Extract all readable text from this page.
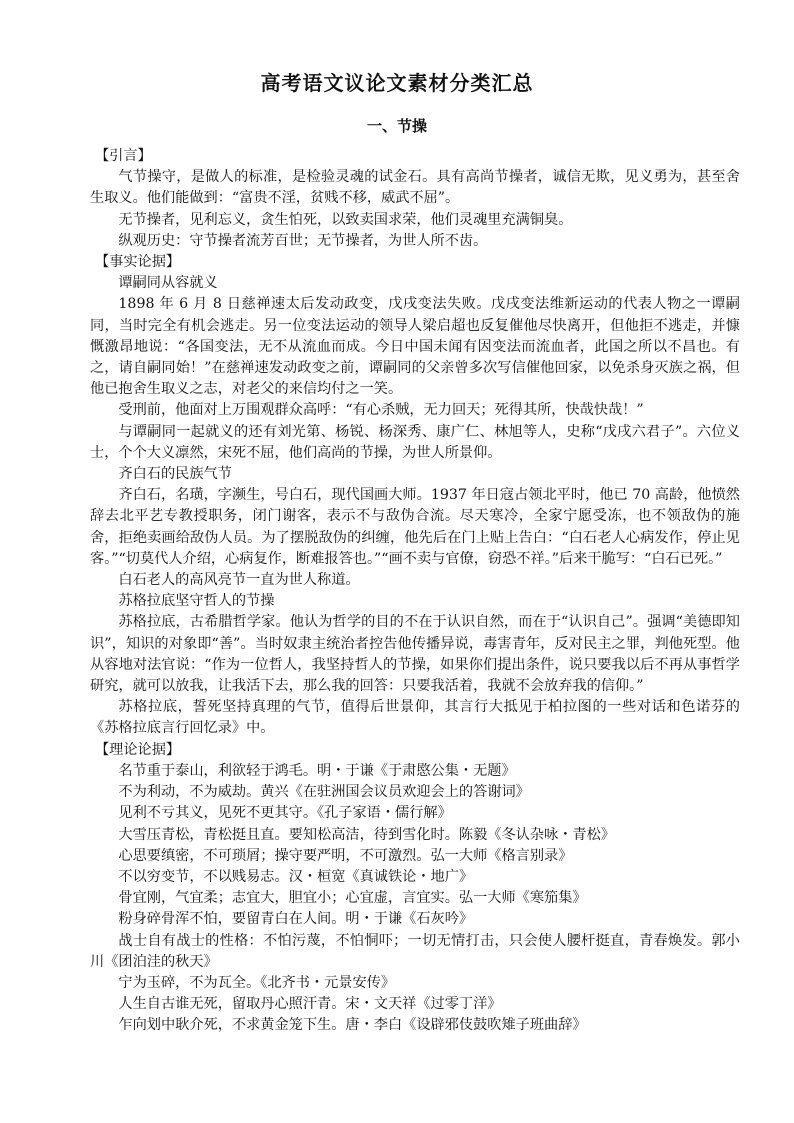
高考语文议论文素材分类汇总
一、节操

【引言】

气节操守，是做人的标准，是检验灵魂的试金石。具有高尚节操者，诚信无欺，见义勇为，甚至舍生取义。他们能做到：“富贵不淫，贫贱不移，威武不屈”。

无节操者，见利忘义，贪生怕死，以致卖国求荣，他们灵魂里充满铜臭。

纵观历史：守节操者流芳百世；无节操者，为世人所不齿。

【事实论据】

谭嗣同从容就义

1898 年 6 月 8 日慈禅速太后发动政变，戊戌变法失败。戊戌变法维新运动的代表人物之一谭嗣同，当时完全有机会逃走。另一位变法运动的领导人梁启超也反复催他尽快离开，但他拒不逃走，并慷慨激昂地说：“各国变法，无不从流血而成。今日中国未闻有因变法而流血者，此国之所以不昌也。有之，请自嗣同始！”在慈禅速发动政变之前，谭嗣同的父亲曾多次写信催他回家，以免杀身灭族之祸，但他已抱舍生取义之志，对老父的来信均付之一笑。

受刑前，他面对上万围观群众高呼：“有心杀贼，无力回天；死得其所，快哉快哉！”

与谭嗣同一起就义的还有刘光第、杨锐、杨深秀、康广仁、林旭等人，史称“戊戌六君子”。六位义士，个个大义凛然，宋死不屈，他们高尚的节操，为世人所景仰。

齐白石的民族气节

齐白石，名璜，字濒生，号白石，现代国画大师。1937 年日寇占领北平时，他已 70 高龄，他愤然辞去北平艺专教授职务，闭门谢客，表示不与敌伪合流。尽天寒冷，全家宁愿受冻，也不领敌伪的施舍，拒绝卖画给敌伪人员。为了摆脱敌伪的纠缠，他先后在门上贴上告白：“白石老人心病发作，停止见客。”“切莫代人介绍，心病复作，断难报答也。”“画不卖与官僚，窃恐不祥。”后来干脆写：“白石已死。”

白石老人的高风亮节一直为世人称道。

苏格拉底坚守哲人的节操

苏格拉底，古希腊哲学家。他认为哲学的目的不在于认识自然，而在于“认识自己”。强调“美德即知识”，知识的对象即“善”。当时奴隶主统治者控告他传播异说，毒害青年，反对民主之罪，判他死型。他从容地对法官说：“作为一位哲人，我坚持哲人的节操，如果你们提出条件，说只要我以后不再从事哲学研究，就可以放我，让我活下去，那么我的回答：只要我活着，我就不会放弃我的信仰。”

苏格拉底，誓死坚持真理的气节，值得后世景仰，其言行大抵见于柏拉图的一些对话和色诺芬的《苏格拉底言行回忆录》中。

【理论论据】

名节重于泰山，利欲轻于鸿毛。明・于谦《于肃愍公集・无题》

不为利动，不为威劫。黄兴《在驻洲国会议员欢迎会上的答谢词》

见利不亏其义，见死不更其守。《孔子家语・儒行解》

大雪压青松，青松挺且直。要知松高洁，待到雪化时。陈毅《冬认杂咏・青松》

心思要缜密，不可琐屑；操守要严明，不可激烈。弘一大师《格言别录》

不以穷变节，不以贱易志。汉・桓宽《真诚铁论・地广》

骨宜刚，气宜柔；志宜大，胆宜小；心宜虚，言宜实。弘一大师《寒笳集》

粉身碎骨浑不怕，要留青白在人间。明・于谦《石灰吟》

战士自有战士的性格：不怕污蔑，不怕恫吓；一切无情打击，只会使人腰杆挺直，青春焕发。郭小川《团泊洼的秋天》

宁为玉碎，不为瓦全。《北齐书・元景安传》

人生自古谁无死，留取丹心照汗青。宋・文天祥《过零丁洋》

乍向划中耿介死，不求黄金笼下生。唐・李白《设辟邪伎鼓吹雉子班曲辞》
